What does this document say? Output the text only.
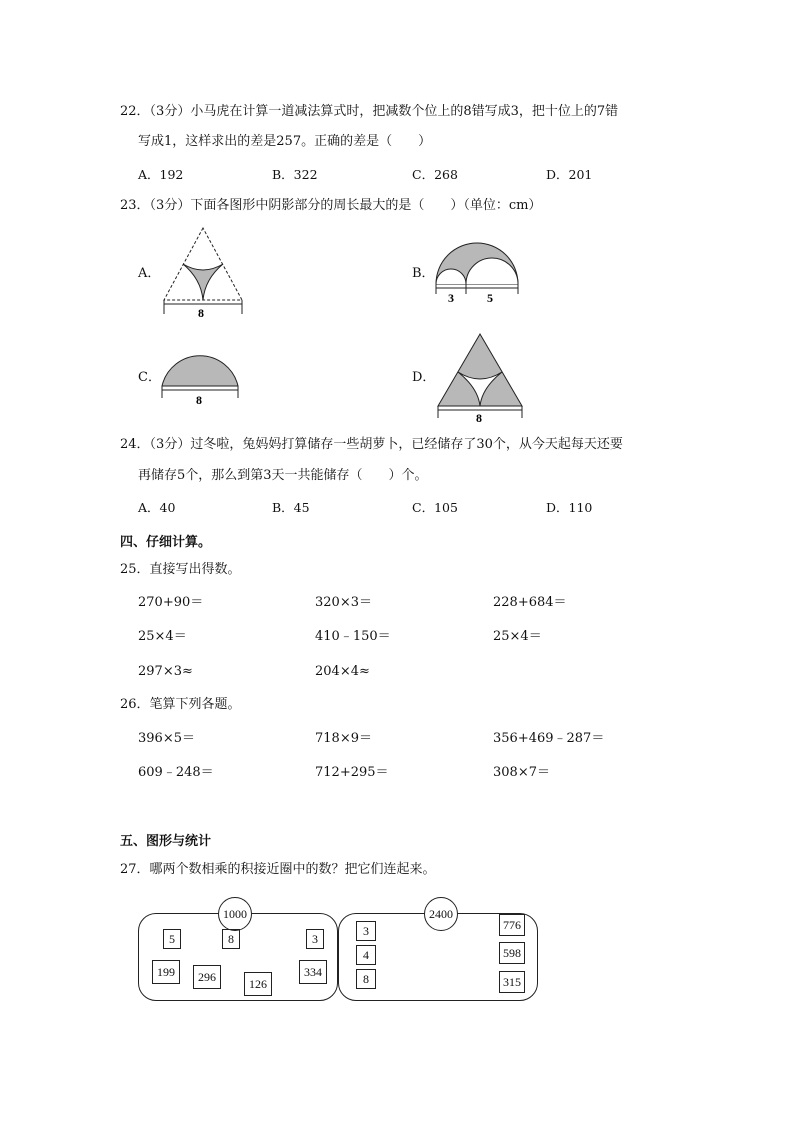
22．（3分）小马虎在计算一道减法算式时，把减数个位上的8错写成3，把十位上的7错
写成1，这样求出的差是257。正确的差是（　　）
A．192	B．322	C．268	D．201
23．（3分）下面各图形中阴影部分的周长最大的是（　　）（单位：cm）
A．
8
B．
3	5
C．
8
D．
8
24．（3分）过冬啦，兔妈妈打算储存一些胡萝卜，已经储存了30个，从今天起每天还要
再储存5个，那么到第3天一共能储存（　　）个。
A．40	B．45	C．105	D．110
四、仔细计算。
25．直接写出得数。
270+90＝	320×3＝	228+684＝
25×4＝	410﹣150＝	25×4＝
297×3≈	204×4≈
26．笔算下列各题。
396×5＝	718×9＝	356+469﹣287＝
609﹣248＝	712+295＝	308×7＝
五、图形与统计
27．哪两个数相乘的积接近圈中的数？把它们连起来。
1000
5	8	3
199	296	126
334
2400
3
4
8
776
598
315
